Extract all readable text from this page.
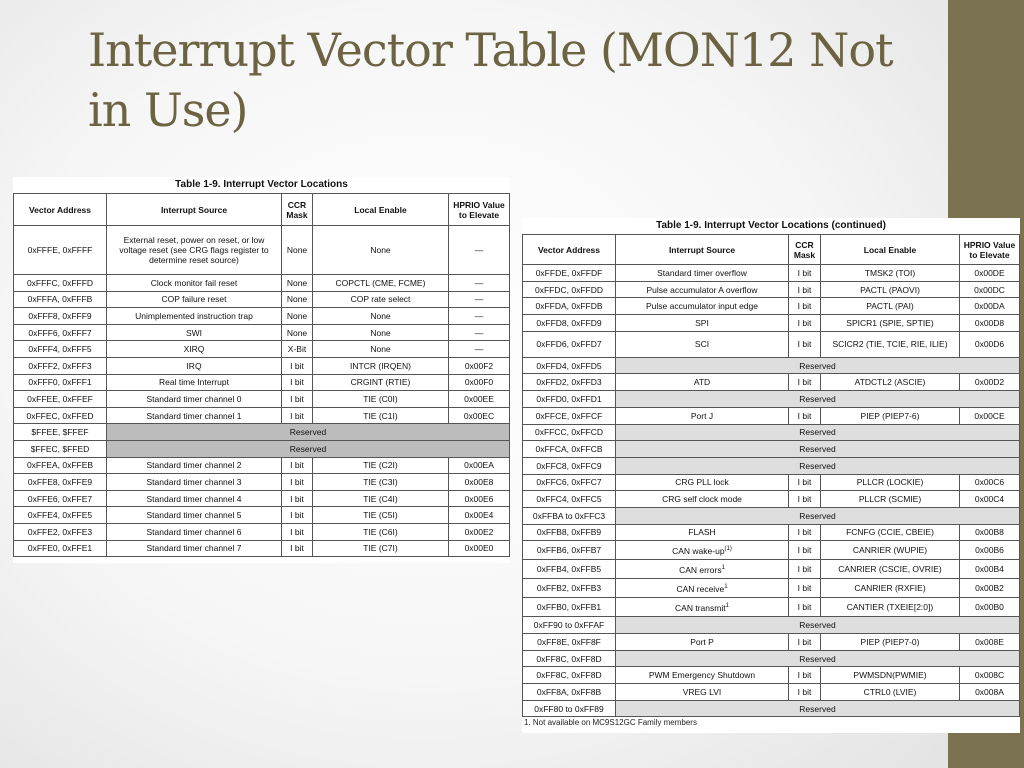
Interrupt Vector Table (MON12 Not in Use)
Table 1-9. Interrupt Vector Locations
Vector Address	Interrupt Source	CCR Mask	Local Enable	HPRIO Value to Elevate
0xFFFE, 0xFFFF	External reset, power on reset, or low voltage reset (see CRG flags register to determine reset source)	None	None	—
0xFFFC, 0xFFFD	Clock monitor fail reset	None	COPCTL (CME, FCME)	—
0xFFFA, 0xFFFB	COP failure reset	None	COP rate select	—
0xFFF8, 0xFFF9	Unimplemented instruction trap	None	None	—
0xFFF6, 0xFFF7	SWI	None	None	—
0xFFF4, 0xFFF5	XIRQ	X-Bit	None	—
0xFFF2, 0xFFF3	IRQ	I bit	INTCR (IRQEN)	0x00F2
0xFFF0, 0xFFF1	Real time Interrupt	I bit	CRGINT (RTIE)	0x00F0
0xFFEE, 0xFFEF	Standard timer channel 0	I bit	TIE (C0I)	0x00EE
0xFFEC, 0xFFED	Standard timer channel 1	I bit	TIE (C1I)	0x00EC
$FFEE, $FFEF	Reserved			
$FFEC, $FFED	Reserved			
0xFFEA, 0xFFEB	Standard timer channel 2	I bit	TIE (C2I)	0x00EA
0xFFE8, 0xFFE9	Standard timer channel 3	I bit	TIE (C3I)	0x00E8
0xFFE6, 0xFFE7	Standard timer channel 4	I bit	TIE (C4I)	0x00E6
0xFFE4, 0xFFE5	Standard timer channel 5	I bit	TIE (C5I)	0x00E4
0xFFE2, 0xFFE3	Standard timer channel 6	I bit	TIE (C6I)	0x00E2
0xFFE0, 0xFFE1	Standard timer channel 7	I bit	TIE (C7I)	0x00E0
Table 1-9. Interrupt Vector Locations (continued)
Vector Address	Interrupt Source	CCR Mask	Local Enable	HPRIO Value to Elevate
0xFFDE, 0xFFDF	Standard timer overflow	I bit	TMSK2 (TOI)	0x00DE
0xFFDC, 0xFFDD	Pulse accumulator A overflow	I bit	PACTL (PAOVI)	0x00DC
0xFFDA, 0xFFDB	Pulse accumulator input edge	I bit	PACTL (PAI)	0x00DA
0xFFD8, 0xFFD9	SPI	I bit	SPICR1 (SPIE, SPTIE)	0x00D8
0xFFD6, 0xFFD7	SCI	I bit	SCICR2 (TIE, TCIE, RIE, ILIE)	0x00D6
0xFFD4, 0xFFD5	Reserved			
0xFFD2, 0xFFD3	ATD	I bit	ATDCTL2 (ASCIE)	0x00D2
0xFFD0, 0xFFD1	Reserved			
0xFFCE, 0xFFCF	Port J	I bit	PIEP (PIEP7-6)	0x00CE
0xFFCC, 0xFFCD	Reserved			
0xFFCA, 0xFFCB	Reserved			
0xFFC8, 0xFFC9	Reserved			
0xFFC6, 0xFFC7	CRG PLL lock	I bit	PLLCR (LOCKIE)	0x00C6
0xFFC4, 0xFFC5	CRG self clock mode	I bit	PLLCR (SCMIE)	0x00C4
0xFFBA to 0xFFC3	Reserved			
0xFFB8, 0xFFB9	FLASH	I bit	FCNFG (CCIE, CBEIE)	0x00B8
0xFFB6, 0xFFB7	CAN wake-$up^{(1)}$	I bit	CANRIER (WUPIE)	0x00B6
0xFFB4, 0xFFB5	CAN errors$^1$	I bit	CANRIER (CSCIE, OVRIE)	0x00B4
0xFFB2, 0xFFB3	CAN receive$^1$	I bit	CANRIER (RXFIE)	0x00B2
0xFFB0, 0xFFB1	CAN transmit$^1$	I bit	CANTIER (TXEIE[2:0])	0x00B0
0xFF90 to 0xFFAF	Reserved			
0xFF8E, 0xFF8F	Port P	I bit	PIEP (PIEP7-0)	0x008E
0xFF8C, 0xFF8D	Reserved			
0xFF8C, 0xFF8D	PWM Emergency Shutdown	I bit	PWMSDN(PWMIE)	0x008C
0xFF8A, 0xFF8B	VREG LVI	I bit	CTRL0 (LVIE)	0x008A
0xFF80 to 0xFF89	Reserved			
1. Not available on MC9S12GC Family members
